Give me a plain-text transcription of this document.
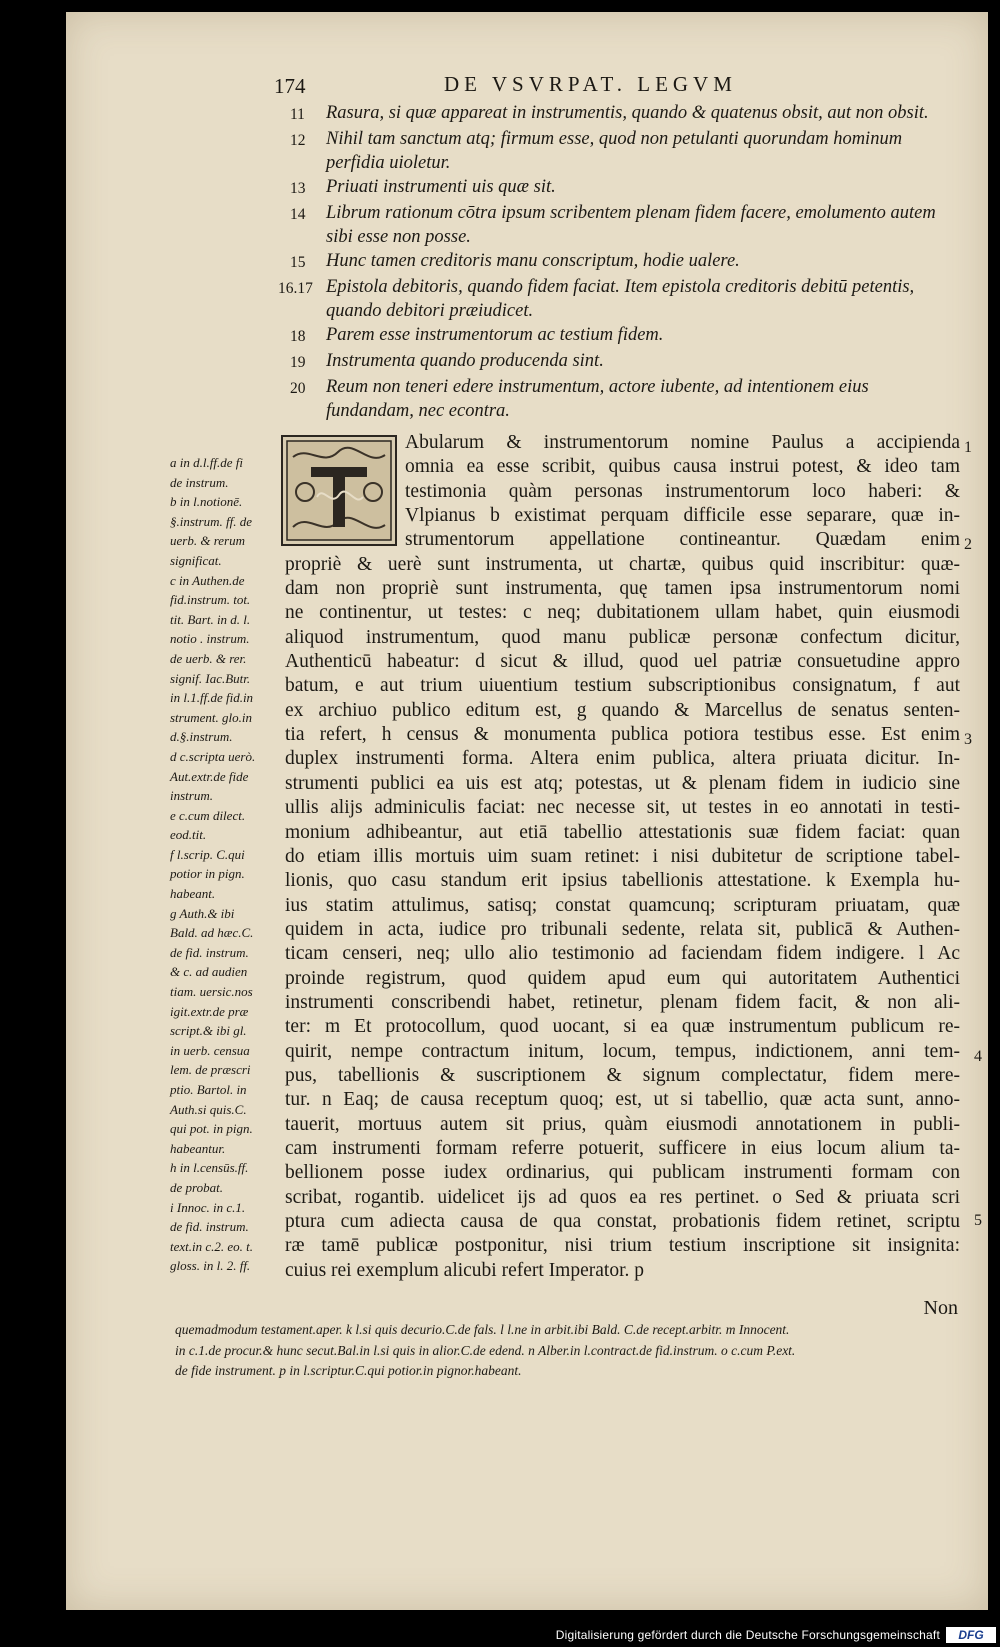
174	DE VSVRPAT. LEGVM
11	Rasura, si quæ appareat in instrumentis, quando & quatenus obsit, aut non obsit.
12	Nihil tam sanctum atq; firmum esse, quod non petulanti quorundam hominum perfidia uioletur.
13	Priuati instrumenti uis quæ sit.
14	Librum rationum cōtra ipsum scribentem plenam fidem facere, emolumento autem sibi esse non posse.
15	Hunc tamen creditoris manu conscriptum, hodie ualere.
16.17 Epistola debitoris, quando fidem faciat. Item epistola creditoris debitū petentis, quando debitori præiudicet.
18	Parem esse instrumentorum ac testium fidem.
19	Instrumenta quando producenda sint.
20	Reum non teneri edere instrumentum, actore iubente, ad intentionem eius fundandam, nec econtra.
Abularum & instrumentorum nomine Paulus a accipienda
omnia ea esse scribit, quibus causa instrui potest, & ideo tam
testimonia quàm personas instrumentorum loco haberi: &
Vlpianus b existimat perquam difficile esse separare, quæ in-
strumentorum appellatione contineantur. Quædam enim
propriè & uerè sunt instrumenta, ut chartæ, quibus quid inscribitur: quæ-
dam non propriè sunt instrumenta, quę tamen ipsa instrumentorum nomi
ne continentur, ut testes: c neq; dubitationem ullam habet, quin eiusmodi
aliquod instrumentum, quod manu publicæ personæ confectum dicitur,
Authenticū habeatur: d sicut & illud, quod uel patriæ consuetudine appro
batum, e aut trium uiuentium testium subscriptionibus consignatum, f aut
ex archiuo publico editum est, g quando & Marcellus de senatus senten-
tia refert, h census & monumenta publica potiora testibus esse. Est enim
duplex instrumenti forma. Altera enim publica, altera priuata dicitur. In-
strumenti publici ea uis est atq; potestas, ut & plenam fidem in iudicio sine
ullis alijs adminiculis faciat: nec necesse sit, ut testes in eo annotati in testi-
monium adhibeantur, aut etiā tabellio attestationis suæ fidem faciat: quan
do etiam illis mortuis uim suam retinet: i nisi dubitetur de scriptione tabel-
lionis, quo casu standum erit ipsius tabellionis attestatione. k Exempla hu-
ius statim attulimus, satisq; constat quamcunq; scripturam priuatam, quæ
quidem in acta, iudice pro tribunali sedente, relata sit, publicā & Authen-
ticam censeri, neq; ullo alio testimonio ad faciendam fidem indigere. l Ac
proinde registrum, quod quidem apud eum qui autoritatem Authentici
instrumenti conscribendi habet, retinetur, plenam fidem facit, & non ali-
ter: m Et protocollum, quod uocant, si ea quæ instrumentum publicum re-
quirit, nempe contractum initum, locum, tempus, indictionem, anni tem-
pus, tabellionis & suscriptionem & signum complectatur, fidem mere-
tur. n Eaq; de causa receptum quoq; est, ut si tabellio, quæ acta sunt, anno-
tauerit, mortuus autem sit prius, quàm eiusmodi annotationem in publi-
cam instrumenti formam referre potuerit, sufficere in eius locum alium ta-
bellionem posse iudex ordinarius, qui publicam instrumenti formam con
scribat, rogantib. uidelicet ijs ad quos ea res pertinet. o Sed & priuata scri
ptura cum adiecta causa de qua constat, probationis fidem retinet, scriptu
ræ tamē publicæ postponitur, nisi trium testium inscriptione sit insignita:
cuius rei exemplum alicubi refert Imperator. p
1
2
3
4
5
a in d.l.ff.de fi
de instrum.
b in l.notionē.
§.instrum. ff. de
uerb. & rerum
significat.
c in Authen.de
fid.instrum. tot.
tit. Bart. in d. l.
notio . instrum.
de uerb. & rer.
signif. Iac.Butr.
in l.1.ff.de fid.in
strument. glo.in
d.§.instrum.
d c.scripta uerò.
Aut.extr.de fide
instrum.
e c.cum dilect.
eod.tit.
f l.scrip. C.qui
potior in pign.
habeant.
g Auth.& ibi
Bald. ad hæc.C.
de fid. instrum.
& c. ad audien
tiam. uersic.nos
igit.extr.de præ
script.& ibi gl.
in uerb. censua
lem. de præscri
ptio. Bartol. in
Auth.si quis.C.
qui pot. in pign.
habeantur.
h in l.censūs.ff.
de probat.
i Innoc. in c.1.
de fid. instrum.
text.in c.2. eo. t.
gloss. in l. 2. ff.
Non
quemadmodum testament.aper. k l.si quis decurio.C.de fals. l l.ne in arbit.ibi Bald. C.de recept.arbitr. m Innocent.
in c.1.de procur.& hunc secut.Bal.in l.si quis in alior.C.de edend. n Alber.in l.contract.de fid.instrum. o c.cum P.ext.
de fide instrument. p in l.scriptur.C.qui potior.in pignor.habeant.
Digitalisierung gefördert durch die Deutsche Forschungsgemeinschaft	DFG
